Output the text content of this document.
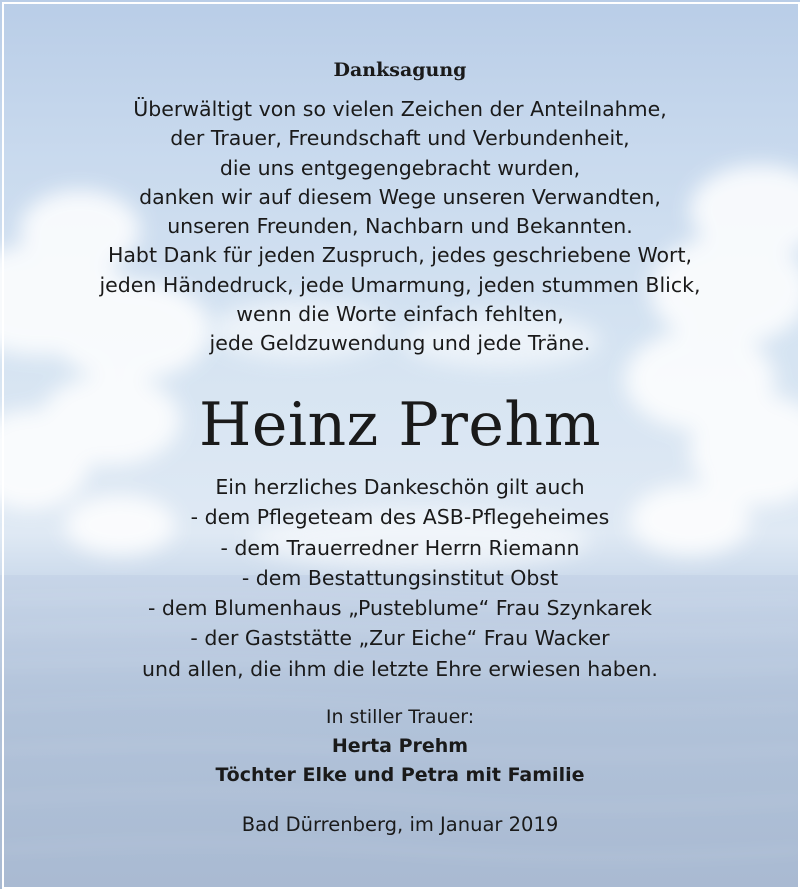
Danksagung
Überwältigt von so vielen Zeichen der Anteilnahme,
der Trauer, Freundschaft und Verbundenheit,
die uns entgegengebracht wurden,
danken wir auf diesem Wege unseren Verwandten,
unseren Freunden, Nachbarn und Bekannten.
Habt Dank für jeden Zuspruch, jedes geschriebene Wort,
jeden Händedruck, jede Umarmung, jeden stummen Blick,
wenn die Worte einfach fehlten,
jede Geldzuwendung und jede Träne.
Heinz Prehm
Ein herzliches Dankeschön gilt auch
- dem Pflegeteam des ASB-Pflegeheimes
- dem Trauerredner Herrn Riemann
- dem Bestattungsinstitut Obst
- dem Blumenhaus „Pusteblume“ Frau Szynkarek
- der Gaststätte „Zur Eiche“ Frau Wacker
und allen, die ihm die letzte Ehre erwiesen haben.
In stiller Trauer:
Herta Prehm
Töchter Elke und Petra mit Familie
Bad Dürrenberg, im Januar 2019
